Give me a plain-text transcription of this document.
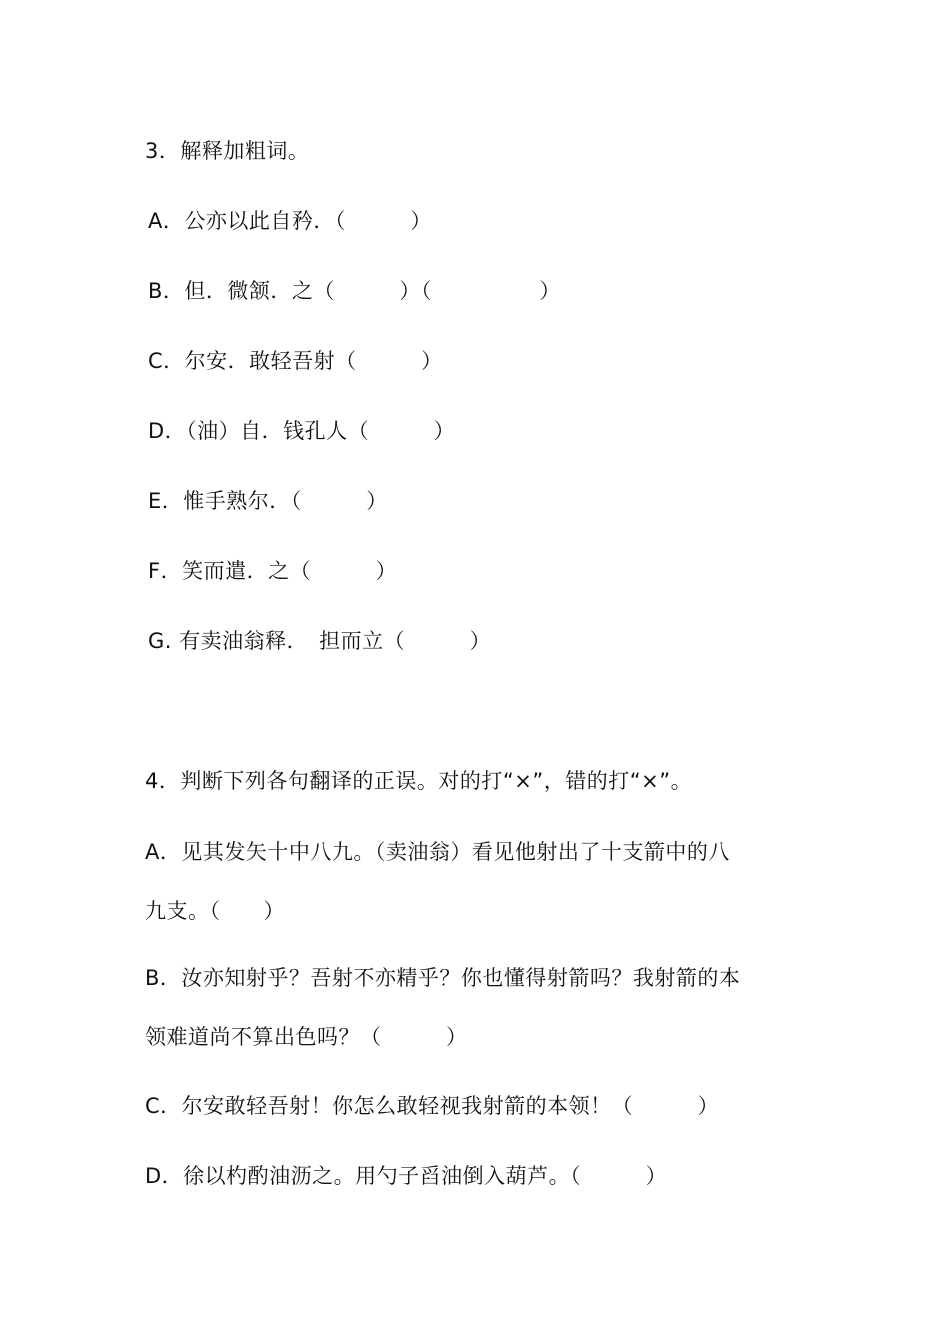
3．解释加粗词。
A．公亦以此自矜．（　　　）
B．但．微颔．之（　　　）（　　　　　）
C．尔安．敢轻吾射（　　　）
D．（油）自．钱孔人（　　　）
E．惟手熟尔．（　　　）
F．笑而遣．之（　　　）
G. 有卖油翁释．　担而立（　　　）
4．判断下列各句翻译的正误。对的打“×”，错的打“×”。
A．见其发矢十中八九。（卖油翁）看见他射出了十支箭中的八
九支。（　　）
B．汝亦知射乎？吾射不亦精乎？你也懂得射箭吗？我射箭的本
领难道尚不算出色吗？（　　　）
C．尔安敢轻吾射！你怎么敢轻视我射箭的本领！（　　　）
D．徐以杓酌油沥之。用勺子舀油倒入葫芦。（　　　）
